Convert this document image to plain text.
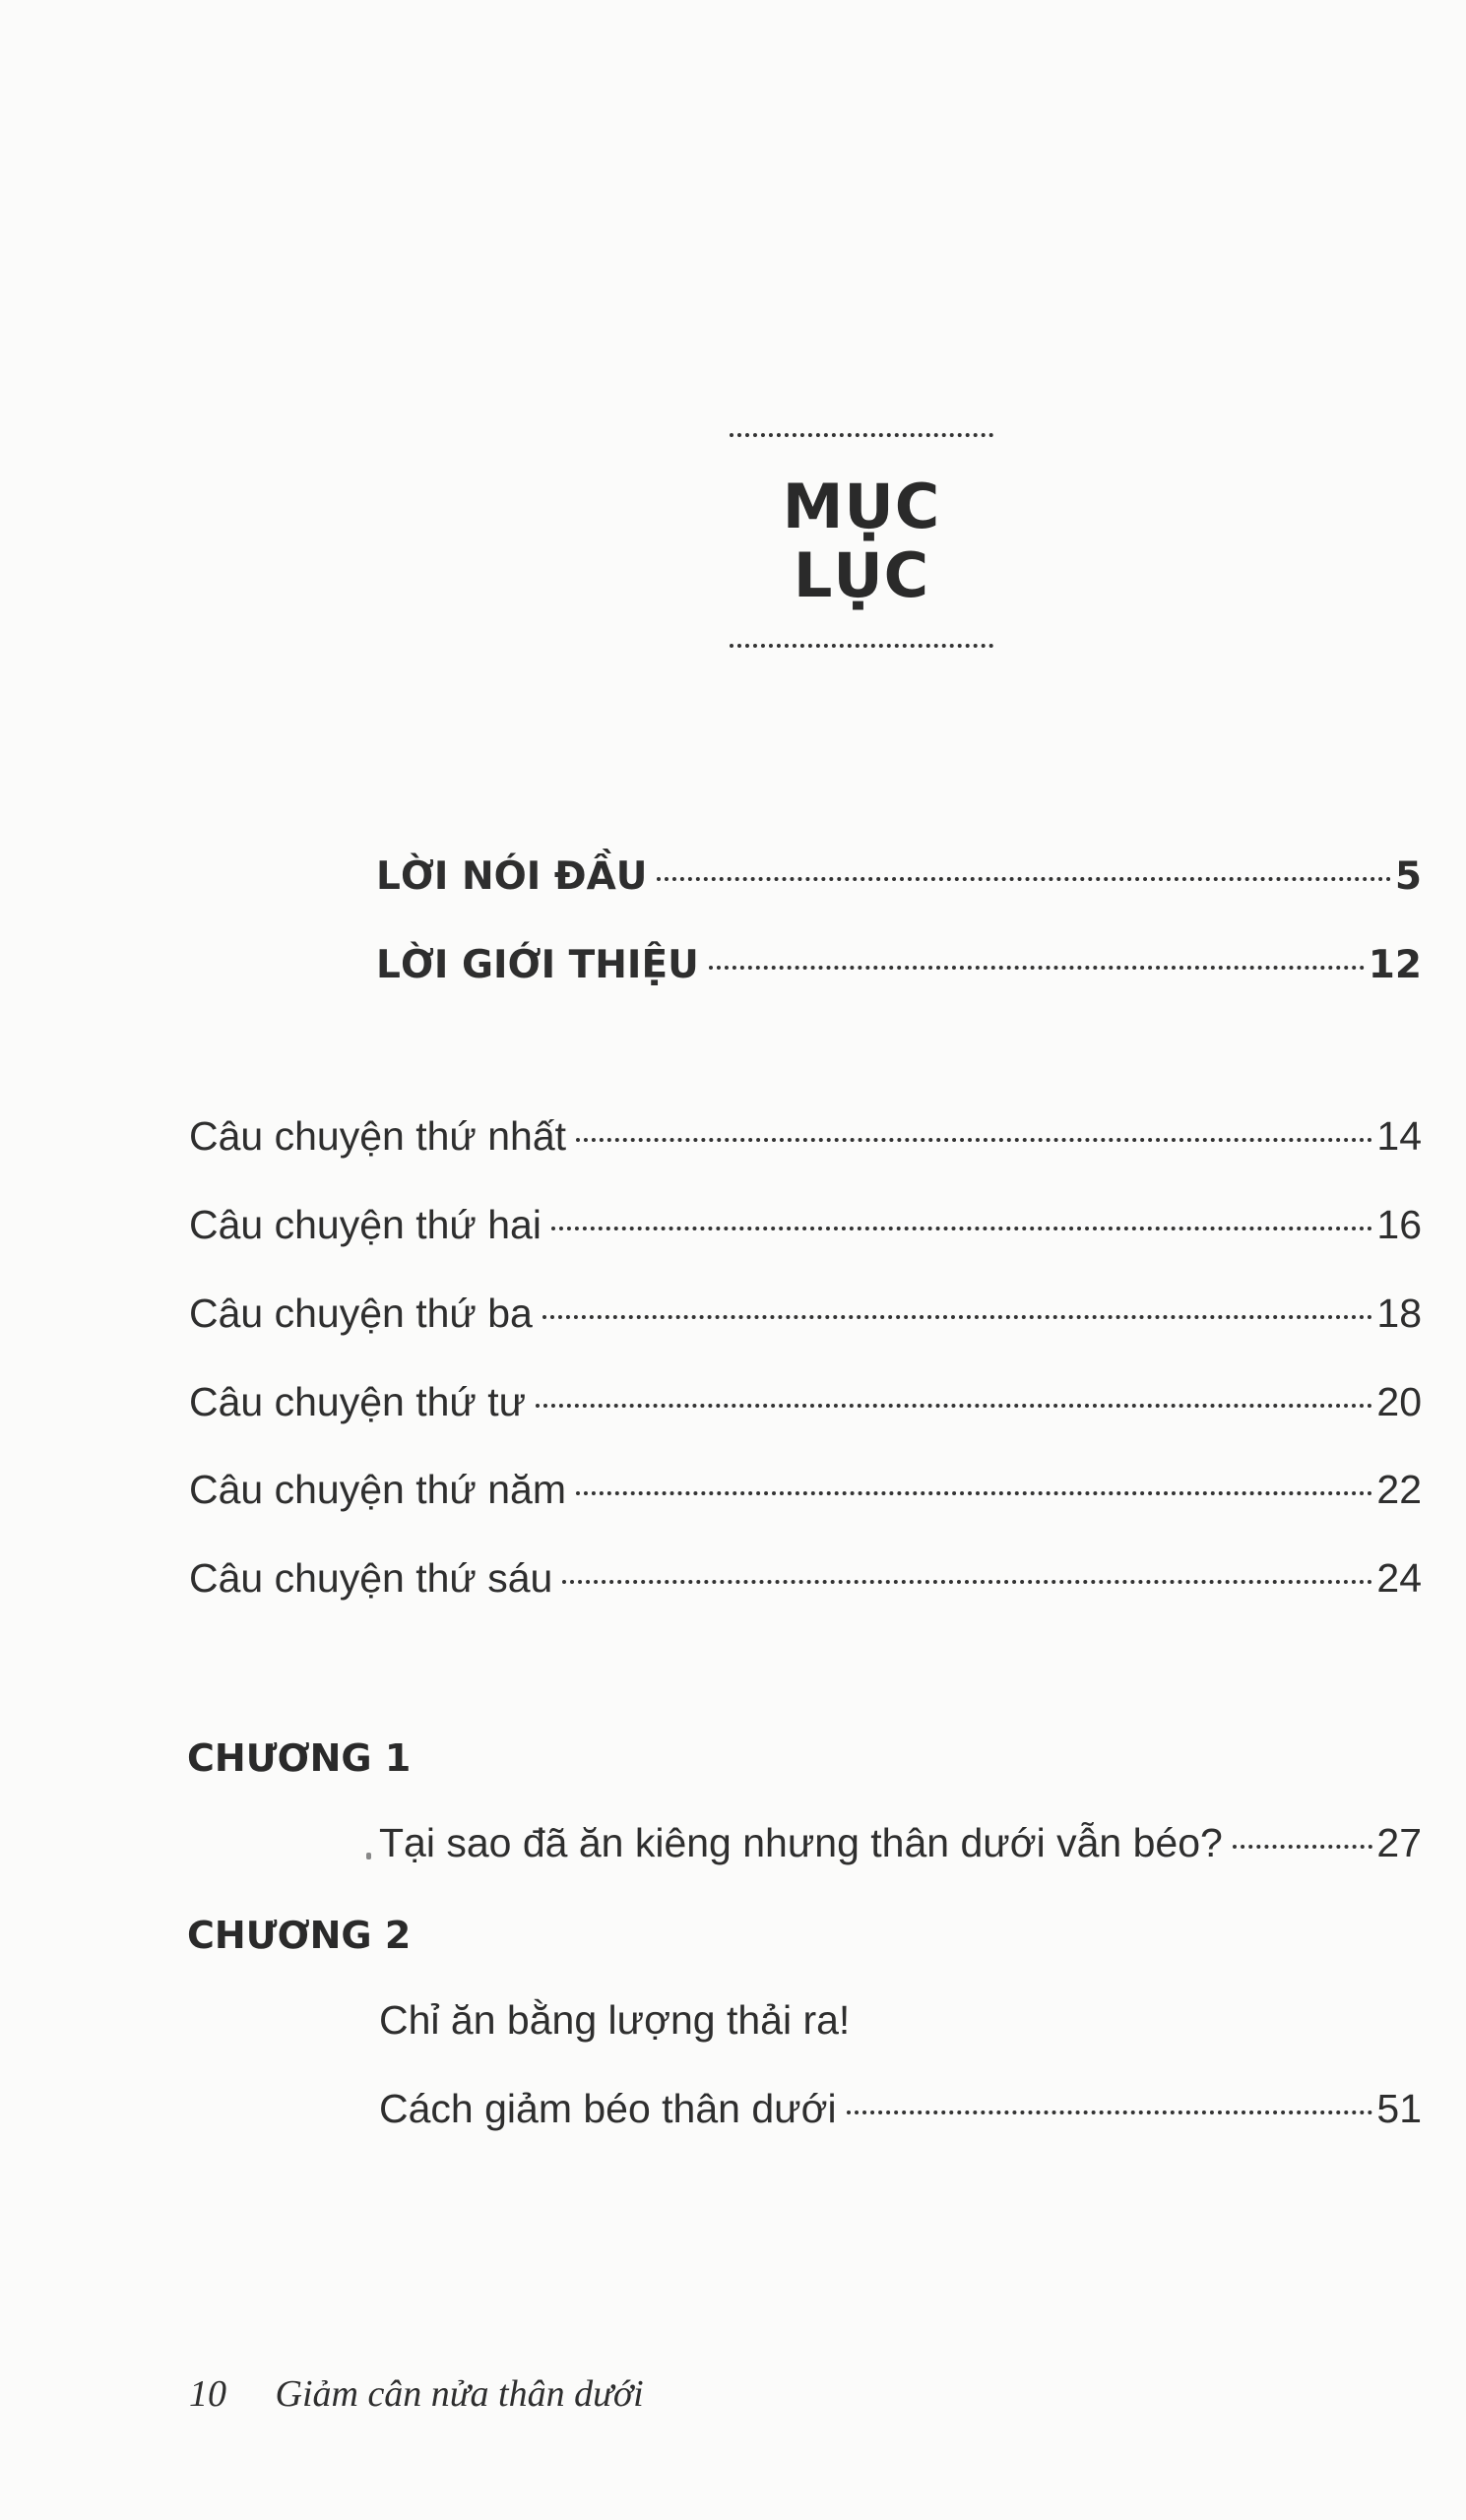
MỤC LỤC
LỜI NÓI ĐẦU	5
LỜI GIỚI THIỆU	12
Câu chuyện thứ nhất	14
Câu chuyện thứ hai	16
Câu chuyện thứ ba	18
Câu chuyện thứ tư	20
Câu chuyện thứ năm	22
Câu chuyện thứ sáu	24
CHƯƠNG 1
Tại sao đã ăn kiêng nhưng thân dưới vẫn béo?	27
CHƯƠNG 2
Chỉ ăn bằng lượng thải ra!
Cách giảm béo thân dưới	51
10 Giảm cân nửa thân dưới
